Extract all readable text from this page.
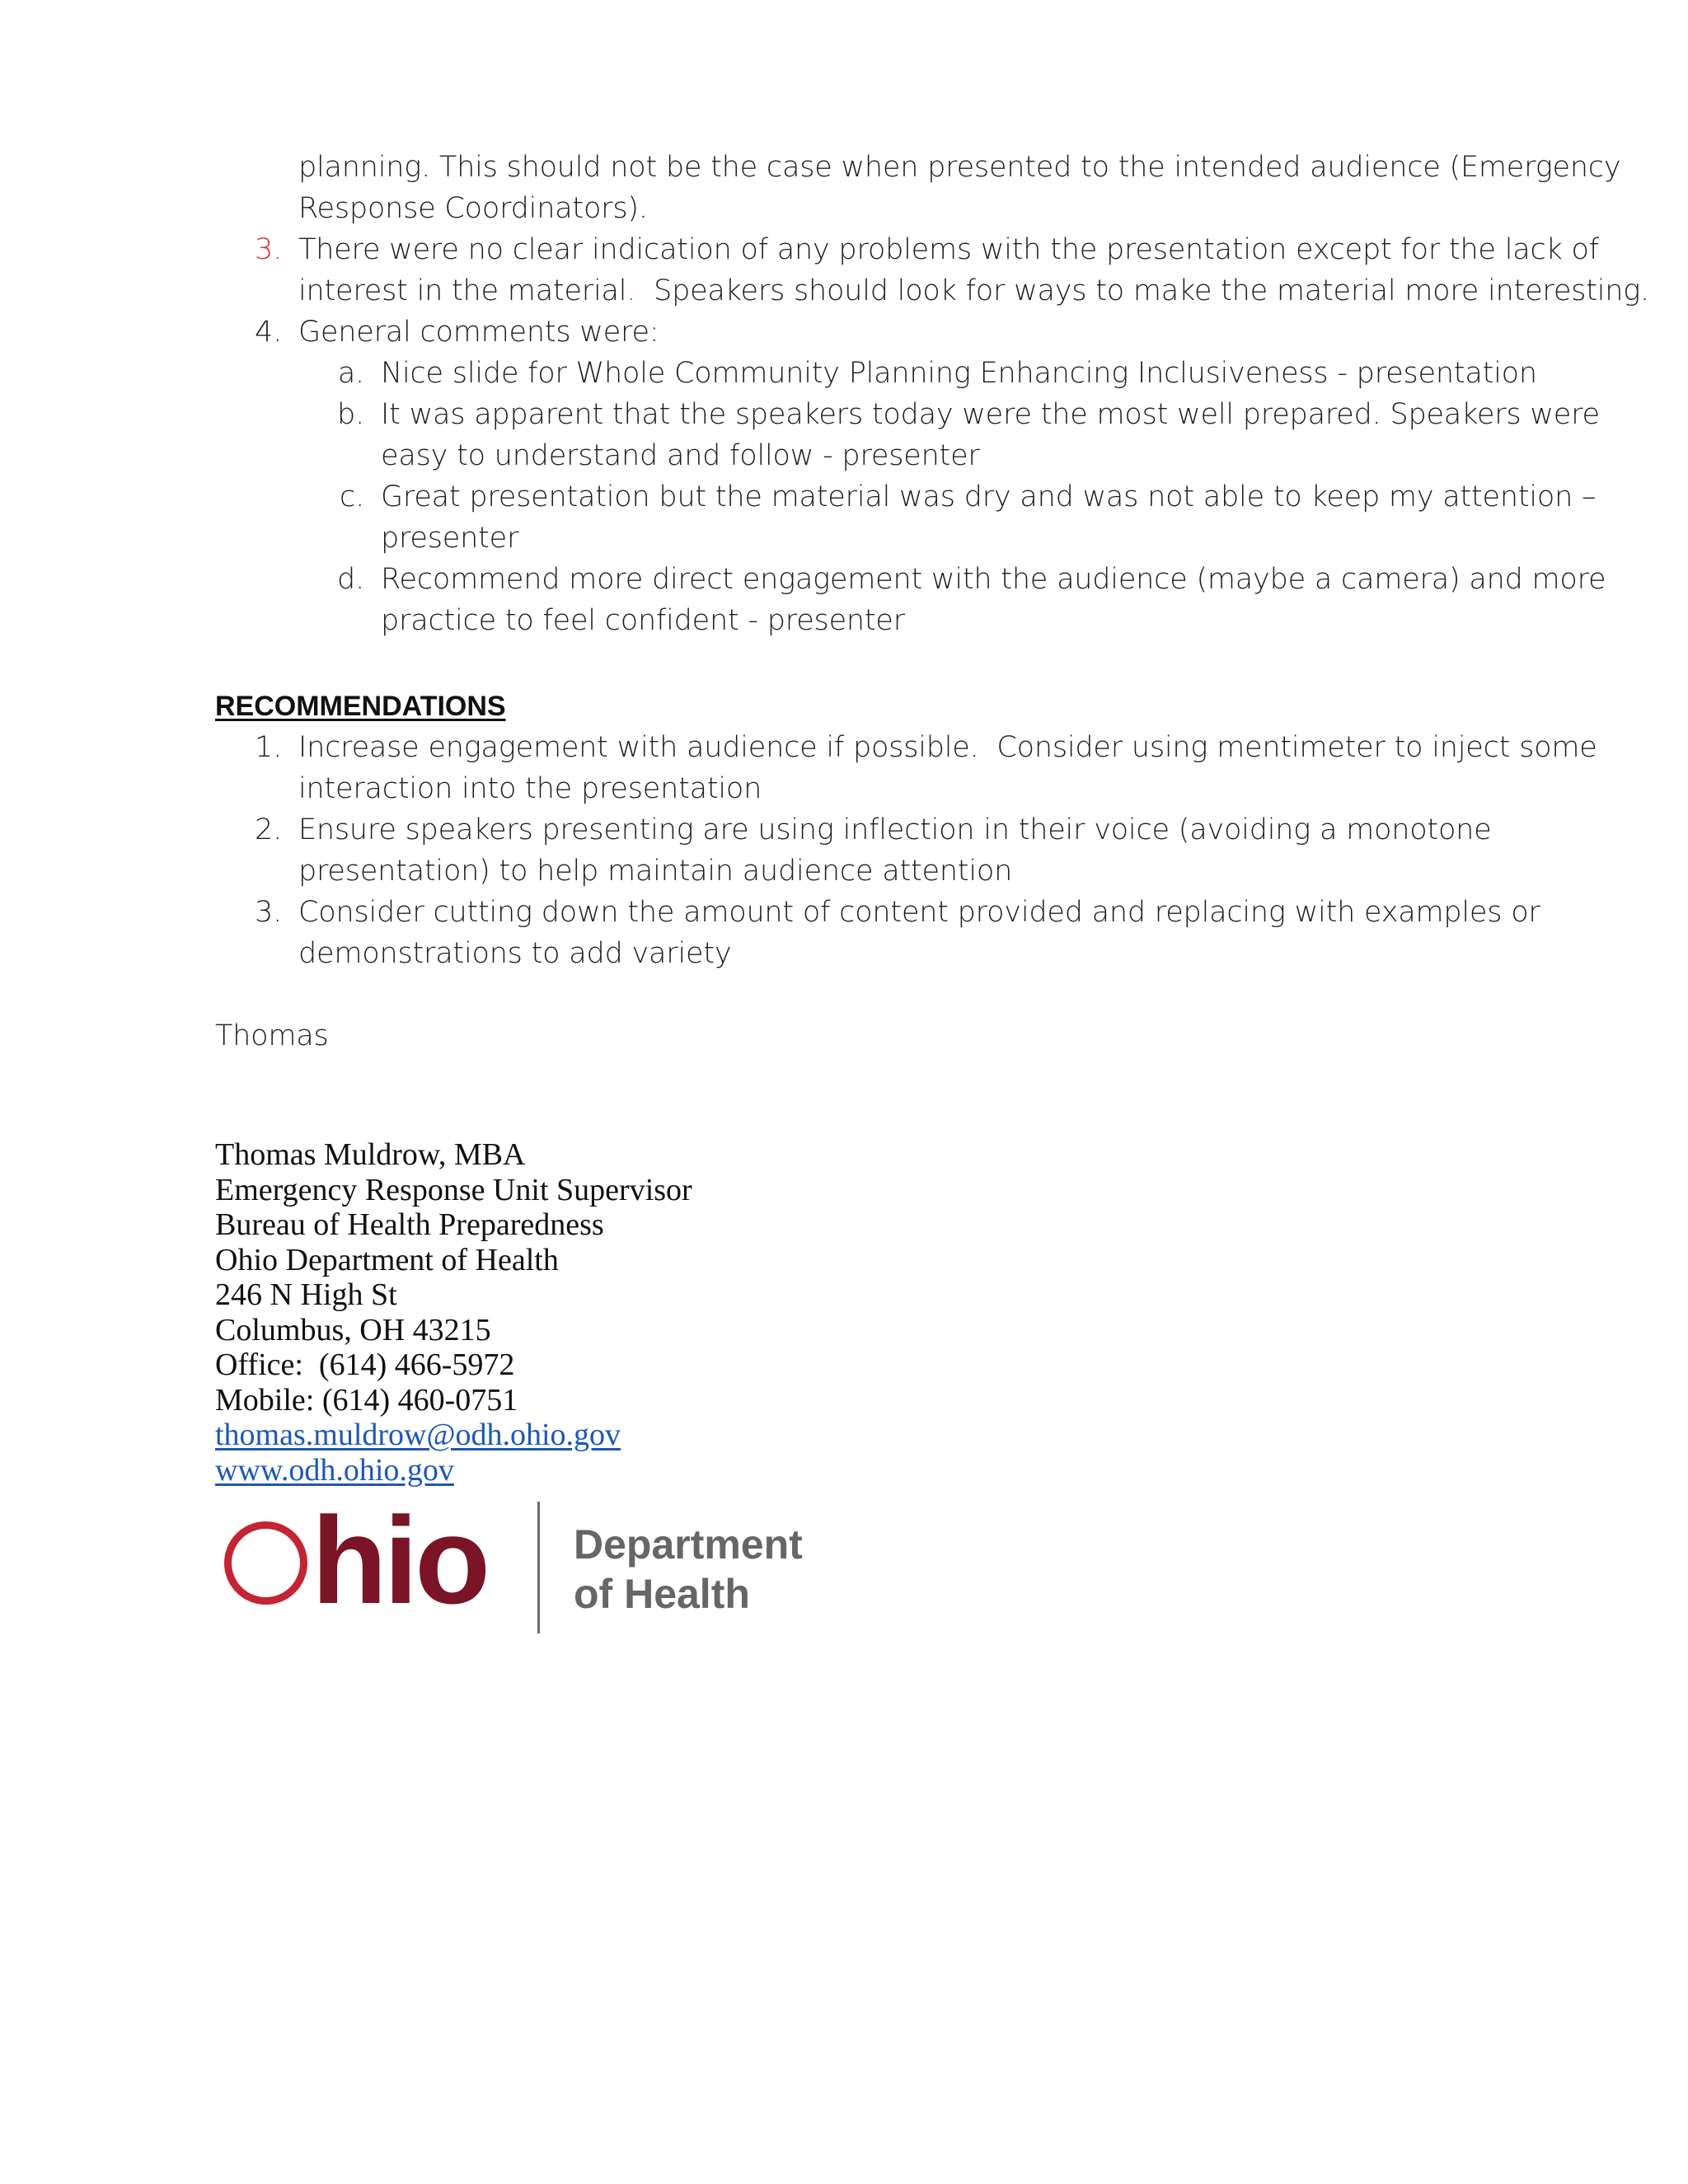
planning. This should not be the case when presented to the intended audience (Emergency
Response Coordinators).
3. There were no clear indication of any problems with the presentation except for the lack of
interest in the material.  Speakers should look for ways to make the material more interesting.
4. General comments were:
a. Nice slide for Whole Community Planning Enhancing Inclusiveness - presentation
b. It was apparent that the speakers today were the most well prepared. Speakers were
easy to understand and follow - presenter
c. Great presentation but the material was dry and was not able to keep my attention –
presenter
d. Recommend more direct engagement with the audience (maybe a camera) and more
practice to feel confident - presenter
RECOMMENDATIONS
1. Increase engagement with audience if possible.  Consider using mentimeter to inject some
interaction into the presentation
2. Ensure speakers presenting are using inflection in their voice (avoiding a monotone
presentation) to help maintain audience attention
3. Consider cutting down the amount of content provided and replacing with examples or
demonstrations to add variety
Thomas
Thomas Muldrow, MBA
Emergency Response Unit Supervisor
Bureau of Health Preparedness
Ohio Department of Health
246 N High St
Columbus, OH 43215
Office:  (614) 466-5972
Mobile: (614) 460-0751
thomas.muldrow@odh.ohio.gov
www.odh.ohio.gov
hio Department
of Health
